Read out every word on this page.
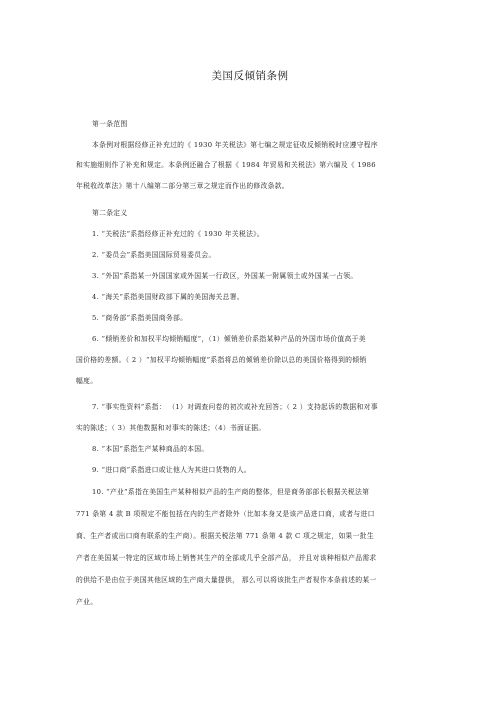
美国反倾销条例
第一条范围
本条例对根据经修正补充过的《 1930 年关税法》第七编之规定征收反倾销税时应遵守程序
和实施细则作了补充和规定。本条例还融合了根据《 1984 年贸易和关税法》第六编及《 1986
年税收改革法》第十八编第二部分第三章之规定而作出的修改条款。
第二条定义
1. “关税法”系指经修正补充过的《 1930 年关税法》。
2. “委员会”系指美国国际贸易委员会。
3. “外国”系指某一外国国家或外国某一行政区，外国某一附属领土或外国某一占领。
4. “海关”系指美国财政部下属的美国海关总署。
5. “商务部”系指美国商务部。
6. “倾销差价和加权平均倾销幅度”，（1）倾销差价系指某种产品的外国市场价值高于美
国价格的差额。（ 2 ）“加权平均倾销幅度”系指将总的倾销差价除以总的美国价格得到的倾销
幅度。
7. “事实性资料”系指： （1）对调查问卷的初次或补充回答；（ 2 ）支持起诉的数据和对事
实的陈述；（ 3）其他数据和对事实的陈述；（4）书面证据。
8. “本国”系指生产某种商品的本国。
9. “进口商”系指进口或让他人为其进口货物的人。
10. “产业”系指在美国生产某种相似产品的生产商的整体，但是商务部部长根据关税法第
771 条第 4 款 B 项规定不能包括在内的生产者除外（比如本身又是该产品进口商，或者与进口
商、生产者或出口商有联系的生产商）。根据关税法第 771 条第 4 款 C 项之规定，如果一批生
产者在美国某一特定的区域市场上销售其生产的全部或几乎全部产品， 并且对该种相似产品需求
的供给不是由位于美国其他区域的生产商大量提供， 那么可以将该批生产者视作本条前述的某一
产业。
